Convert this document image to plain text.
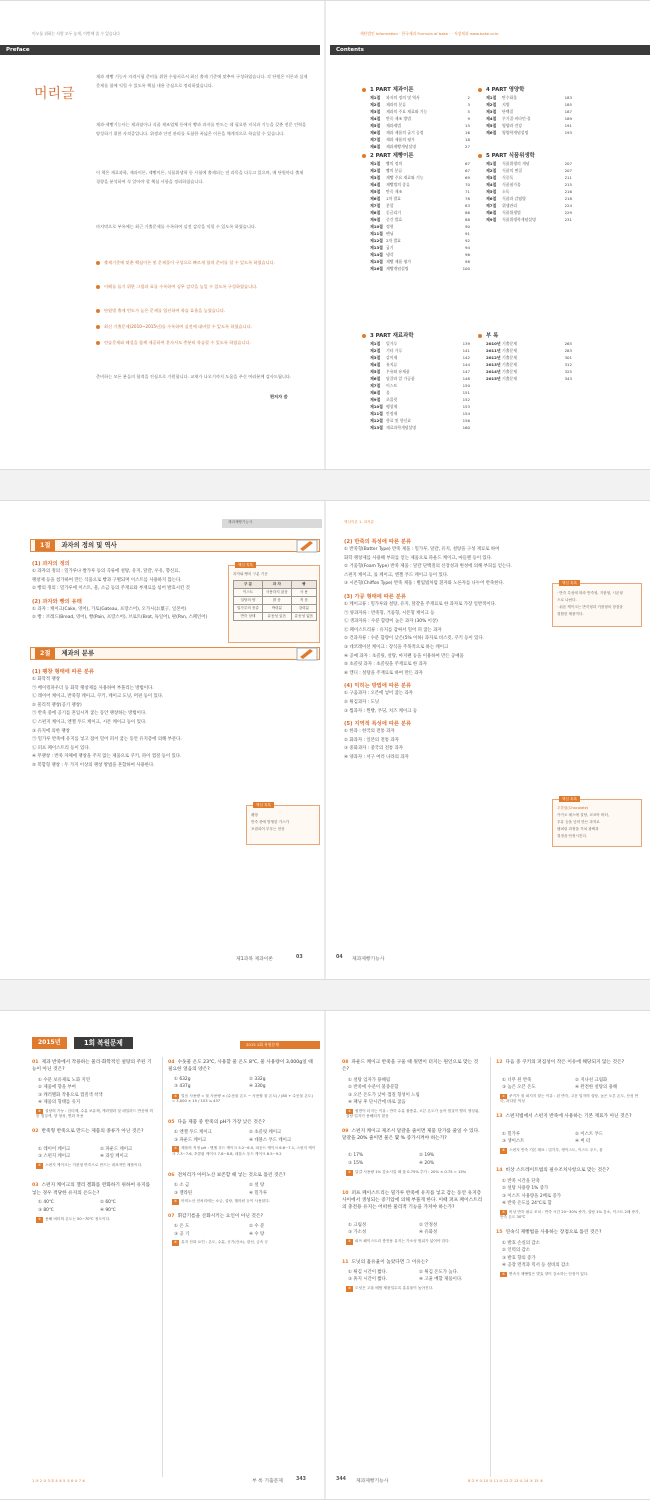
이오를 위하는 사람 모두 놓게, 이번에 줄 수 있습니다	재단법인 Information · 한국제과 Formula of bake · · 저장제과 www.bake.or.kr
Preface	Contents
머리글
제과 제빵 기능사 자격시험 준비를 위한 수험서로서 최신 출제 기준에 맞추어 구성하였습니다. 각 단원은 이론과 실제 문제를 함께 익힐 수 있도록 핵심 내용 중심으로 정리하였습니다.
제과·제빵기능사는 제과점이나 식품 제조업체 등에서 빵과 과자를 만드는 데 필요한 지식과 기능을 갖춘 전문 인력을 양성하기 위한 자격증입니다. 위생과 안전 관리를 포함한 폭넓은 이론을 체계적으로 학습할 수 있습니다.
이 책은 재료과학, 제과이론, 제빵이론, 식품위생학 등 시험에 출제되는 전 과목을 다루고 있으며, 매 단원마다 출제 경향을 분석하여 꼭 알아야 할 핵심 사항을 정리하였습니다.
마지막으로 부록에는 최근 기출문제를 수록하여 실전 감각을 익힐 수 있도록 하였습니다.
출제기준에 맞춘 핵심이론 및 문제풀이 구성으로 빠르게 합격 준비를 할 수 있도록 하였습니다.
이해를 돕기 위한 그림과 표를 수록하여 실무 감각을 높일 수 있도록 구성하였습니다.
단원별 출제 빈도가 높은 문제를 엄선하여 학습 효율을 높였습니다.
최신 기출문제(2010~2015년)를 수록하여 실전에 대비할 수 있도록 하였습니다.
연습문제와 해설을 함께 제공하여 혼자서도 충분히 학습할 수 있도록 하였습니다.
준비하는 모든 분들의 합격을 진심으로 기원합니다. 교재가 나오기까지 도움을 주신 여러분께 감사드립니다.
편저자 씀
1 PART 제과이론
제1절 과자의 정의 및 역사	2
제2절 제과의 분류	3
제3절 제과의 주요 재료와 기능	5
제4절 반죽 제조 방법	9
제5절 제과제법	15
제6절 제과 제품의 굽기 공정	16
제7절 제과 제품의 평가	18
제8절 제과제빵개념설명	27
2 PART 제빵이론
제1절 빵의 정의	67
제2절 빵의 분류	67
제3절 제빵 주요 재료와 기능	69
제4절 제빵법의 종류	70
제5절 반죽 제조	71
제6절 1차 발효	78
제7절 분할	83
제8절 둥글리기	86
제9절 중간 발효	88
제10절 정형	90
제11절 팬닝	91
제12절 2차 발효	92
제13절 굽기	94
제14절 냉각	96
제15절 제빵 제품 평가	98
제16절 제빵개념설명	100
3 PART 재료과학
제1절 밀가루	139
제2절 기타 가루	141
제3절 감미제	142
제4절 유지류	144
제5절 우유와 유제품	147
제6절 달걀과 알 가공품	148
제7절 이스트	150
제8절 물	151
제9절 초콜릿	152
제10절 팽창제	153
제11절 안정제	154
제12절 향료 및 향신료	156
제13절 재료과학개념설명	160
4 PART 영양학
제1절 탄수화물	183
제2절 지방	185
제3절 단백질	187
제4절 무기질·비타민·물	189
제5절 영양과 건강	191
제6절 영양학개념설명	193
5 PART 식품위생학
제1절 식품위생의 개념	207
제2절 식품의 변질	207
제3절 식중독	211
제4절 식품첨가물	215
제5절 소독	216
제6절 식품과 감염병	218
제7절 위생관리	224
제8절 식품위생법	229
제9절 식품위생학개념설명	231
부 록
2010년기출문제	265
2011년기출문제	283
2012년기출문제	301
2013년기출문제	312
2014년기출문제	325
2015년기출문제	343
제과제빵기능사	핵심이론 1. 과자류
1절 과자의 정의 및 역사
2절 제과의 분류
(1) 과자의 정의
① 과자의 정의 : 밀가루나 쌀가루 등의 곡류에 설탕, 유지, 달걀, 우유, 향신료,
팽창제 등을 첨가하여 만든 식품으로 빵과 구별되며 이스트를 사용하지 않는다.
② 빵의 정의 : 밀가루에 이스트, 물, 소금 등의 주재료와 부재료를 섞어 발효시킨 것
(2) 과자와 빵의 유래
① 과자 : 케이크(Cake, 영어), 가토(Gateau, 프랑스어), 오가시(お菓子, 일본어)
② 빵 : 브레드(Bread, 영어), 빵(Pain, 프랑스어), 브로트(Brot, 독일어), 판(Pan, 스페인어)
(1) 팽창 형태에 따른 분류
① 화학적 팽창
㉠ 베이킹파우더 등 화학 팽창제를 사용하여 부풀리는 방법이다.
㉡ 레이어 케이크, 반죽형 케이크, 쿠키, 케이크 도넛, 머핀 등이 있다.
② 물리적 팽창(공기 팽창)
㉠ 반죽 중에 공기를 혼입시켜 굽는 동안 팽창하는 방법이다.
㉡ 스펀지 케이크, 엔젤 푸드 케이크, 시폰 케이크 등이 있다.
③ 유지에 의한 팽창
㉠ 밀가루 반죽에 유지를 넣고 접어 밀어 펴서 굽는 동안 유지층에 의해 부푼다.
㉡ 퍼프 페이스트리 등이 있다.
④ 무팽창 : 반죽 자체에 팽창을 주지 않는 제품으로 쿠키, 파이 껍질 등이 있다.
⑤ 복합형 팽창 : 두 가지 이상의 팽창 방법을 혼합하여 사용한다.
(2) 반죽의 특성에 따른 분류
① 반죽형(Batter Type) 반죽 제품 : 밀가루, 달걀, 유지, 설탕을 구성 재료로 하여
화학 팽창제를 사용해 부피를 얻는 제품으로 파운드 케이크, 마들렌 등이 있다.
② 거품형(Foam Type) 반죽 제품 : 달걀 단백질의 신장성과 변성에 의해 부피를 얻는다.
스펀지 케이크, 롤 케이크, 엔젤 푸드 케이크 등이 있다.
③ 시폰형(Chiffon Type) 반죽 제품 : 별립법처럼 흰자와 노른자를 나누어 반죽한다.
(3) 가공 형태에 따른 분류
① 케이크류 : 밀가루와 설탕, 유지, 달걀을 주재료로 한 과자로 가장 일반적이다.
㉠ 양과자류 : 반죽형, 거품형, 시폰형 케이크 등
㉡ 생과자류 : 수분 함량이 높은 과자 (30% 이상)
㉢ 페이스트리류 : 유지를 감싸서 밀어 펴 굽는 과자
② 건과자류 : 수분 함량이 낮은(5% 이하) 과자로 비스킷, 쿠키 등이 있다.
③ 데코레이션 케이크 : 장식을 주목적으로 하는 케이크
④ 공예 과자 : 초콜릿, 설탕, 마지팬 등을 이용하여 만든 공예품
⑤ 초콜릿 과자 : 초콜릿을 주재료로 한 과자
⑥ 캔디 : 설탕을 주재료로 하여 만든 과자
(4) 익히는 방법에 따른 분류
① 구움과자 : 오븐에 넣어 굽는 과자
② 튀김과자 : 도넛
③ 찜과자 : 찐빵, 푸딩, 치즈 케이크 등
(5) 지역적 특성에 따른 분류
① 한과 : 한국의 전통 과자
② 화과자 : 일본의 전통 과자
③ 중화과자 : 중국의 전통 과자
④ 양과자 : 서구 여러 나라의 과자
핵심 톡톡
과자와 빵의 구분 기준
구 분	과 자	빵
이스트	사용하지 않음	사 용
설탕의 양	많 음	적 음
밀가루의 종류	박력분	강력분
반죽 상태	유동성 있음	유동성 없음
핵심 톡톡
팽창
반죽 중에 발생한 가스가
포집되어 부푸는 현상
핵심 톡톡
· 반죽 특성에 따라 반죽형, 거품형, 시폰형
으로 나뉜다.
· 쉬폰 케이크는 반죽형과 거품형의 장점을
결합한 제품이다.
핵심 톡톡
초콜릿(Chocolate)
카카오 매스에 설탕, 코코아 버터,
우유 등을 넣어 만든 과자로
템퍼링 과정을 거쳐 광택과
결정을 안정시킨다.
제1과목 제과이론	03	04 제과제빵기능사
2015년	1회 복원문제	2015 1회 복원문제
01 제과 반죽에서 작용하는 물리·화학적인 설탕의 주된 기능이 아닌 것은?
① 수분 보유제로 노화 지연
② 제품에 향을 부여
③ 캐러멜화 작용으로 껍질색 착색
④ 제품의 형태를 유지
④ 설탕의 기능 : 감미제, 수분 보유제, 캐러멜화 및 메일라드 반응에 의한 껍질색, 향 형성, 연화 작용
02 반죽형 반죽으로 만드는 제품의 종류가 아닌 것은?
① 레이어 케이크	② 파운드 케이크
③ 스펀지 케이크	④ 과일 케이크
③ 스펀지 케이크는 거품형 반죽으로 만드는 대표적인 제품이다.
03 스펀지 케이크의 젤리 겔화를 완화하기 위하여 유지를 넣는 경우 적당한 유지의 온도는?
① 40℃	② 60℃
③ 80℃	④ 90℃
② 용해 버터의 온도는 50~70℃ 정도이다.
04 수돗물 온도 23℃, 사용할 물 온도 8℃, 물 사용량이 3,000g일 때 필요한 얼음의 양은?
① 632g	② 332g
③ 437g	④ 330g
③ 얼음 사용량 = 물 사용량 × (수돗물 온도 − 사용할 물 온도) / (80 + 수돗물 온도) = 3,000 × 15 / 103 ≒ 437
05 다음 제품 중 반죽의 pH가 가장 낮은 것은?
① 엔젤 푸드 케이크	② 초콜릿 케이크
③ 파운드 케이크	④ 데블스 푸드 케이크
① 제품의 적정 pH : 엔젤 푸드 케이크 5.2~6.0, 파운드 케이크 6.6~7.1, 스펀지 케이크 7.3~7.6, 초콜릿 케이크 7.8~8.8, 데블스 푸드 케이크 8.5~9.2
06 전처리가 아미노산 보존할 때 넣는 것으로 틀린 것은?
① 소 금	② 설 탕
③ 젤라틴	④ 밀가루
④ 아미노산 전처리에는 소금, 설탕, 젤라틴 등이 사용된다.
07 휘감기름을 산화시키는 요인이 아닌 것은?
① 온 도	② 수 분
③ 공 기	④ 수 탕
④ 유지 산화 요인 : 온도, 수분, 공기(산소), 광선, 금속 등
08 파운드 케이크 반죽을 구울 때 윗면이 터지는 원인으로 맞는 것은?
① 설탕 입자가 용해됨
② 반죽에 수분이 불충분함
③ 오븐 온도가 낮아 껍질 형성이 느림
④ 패닝 후 단시간에 바로 굽음
② 윗면이 터지는 이유 : 반죽 수분 불충분, 오븐 온도가 높아 껍질이 빨리 생성됨, 설탕 입자가 용해되지 않음
09 스펀지 케이크 제조시 달걀을 줄이면 제품 단가를 줄일 수 있다. 달걀을 20% 줄이면 물은 몇 % 증가시켜야 하는가?
① 17%	② 19%
③ 15%	④ 20%
③ 달걀 사용량 1% 감소시킬 때 물 0.75% 추가 : 20% × 0.75 = 15%
10 퍼프 페이스트리는 밀가루 반죽에 유지를 넣고 감는 동안 유지층 사이에서 생성되는 증기압에 의해 부풀게 한다. 이때 퍼프 페이스트리의 충전용 유지는 어떠한 물리적 기능을 가져야 하는가?
① 크림성	② 안정성
③ 가소성	④ 유화성
③ 퍼프 페이스트리 충전용 유지는 가소성 범위가 넓어야 한다.
11 도넛의 흡유율이 높았다면 그 이유는?
① 튀김 시간이 짧다.	② 튀김 온도가 높다.
③ 휴지 시간이 짧다.	④ 고율 배합 제품이다.
④ 도넛은 고율 배합 제품일수록 흡유율이 높아진다.
12 다음 중 쿠키의 퍼짐성이 작은 이유에 해당되지 않는 것은?
① 너무 된 반죽	② 지나친 크림화
③ 높은 오븐 온도	④ 완전한 설탕의 용해
② 쿠키가 잘 퍼지지 않는 이유 : 된 반죽, 고운 입자의 설탕, 높은 오븐 온도, 산성 반죽, 과다한 믹싱
13 스펀지법에서 스펀지 반죽에 사용하는 기본 재료가 아닌 것은?
① 밀가루	② 이스트 푸드
③ 생이스트	④ 버 터
④ 스펀지 반죽 기본 재료 : 밀가루, 생이스트, 이스트 푸드, 물
14 비상 스트레이트법의 필수조치사항으로 맞는 것은?
① 반죽 시간을 단축
② 설탕 사용량 1% 증가
③ 이스트 사용량을 2배로 증가
④ 반죽 온도를 24℃로 함
③ 비상 반죽 필수 조치 : 반죽 시간 20~30% 증가, 설탕 1% 감소, 이스트 2배 증가, 반죽 온도 30℃
15 연속식 제빵법을 사용하는 장점으로 틀린 것은?
① 발효 손실의 감소
② 인력의 감소
③ 발효 향의 증가
④ 공장 면적과 믹서 등 설비의 감소
③ 연속식 제빵법은 발효 향이 감소하는 단점이 있다.
1 ③ 2 ③ 3 ② 4 ③ 5 ① 6 ④ 7 ④	부 록 기출문제	343	344 제과제빵기능사	8 ② 9 ③ 10 ③ 11 ④ 12 ② 13 ④ 14 ③ 15 ③
